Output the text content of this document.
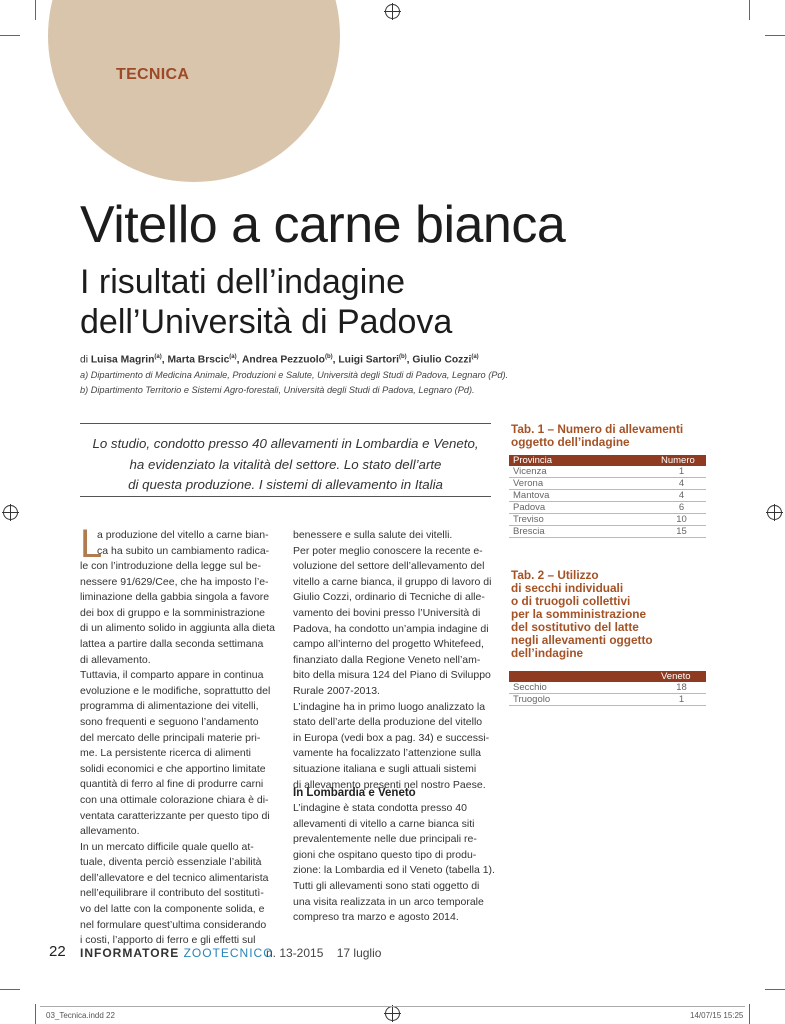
TECNICA
Vitello a carne bianca
I risultati dell’indagine
dell’Università di Padova
di Luisa Magrin$^{(a)}$, Marta Brscic$^{(a)}$, Andrea Pezzuolo$^{(b)}$, Luigi Sartori$^{(b)}$, Giulio Cozzi$^{(a)}$
a) Dipartimento di Medicina Animale, Produzioni e Salute, Università degli Studi di Padova, Legnaro (Pd).
b) Dipartimento Territorio e Sistemi Agro-forestali, Università degli Studi di Padova, Legnaro (Pd).
Lo studio, condotto presso 40 allevamenti in Lombardia e Veneto,
ha evidenziato la vitalità del settore. Lo stato dell’arte
di questa produzione. I sistemi di allevamento in Italia
L
a produzione del vitello a carne bian-
ca ha subito un cambiamento radica-
le con l’introduzione della legge sul be-
nessere 91/629/Cee, che ha imposto l’e-
liminazione della gabbia singola a favore
dei box di gruppo e la somministrazione
di un alimento solido in aggiunta alla dieta
lattea a partire dalla seconda settimana
di allevamento.
Tuttavia, il comparto appare in continua
evoluzione e le modifiche, soprattutto del
programma di alimentazione dei vitelli,
sono frequenti e seguono l’andamento
del mercato delle principali materie pri-
me. La persistente ricerca di alimenti
solidi economici e che apportino limitate
quantità di ferro al fine di produrre carni
con una ottimale colorazione chiara è di-
ventata caratterizzante per questo tipo di
allevamento.
In un mercato difficile quale quello at-
tuale, diventa perciò essenziale l’abilità
dell’allevatore e del tecnico alimentarista
nell’equilibrare il contributo del sostitutì-
vo del latte con la componente solida, e
nel formulare quest’ultima considerando
i costi, l’apporto di ferro e gli effetti sul
benessere e sulla salute dei vitelli.
Per poter meglio conoscere la recente e-
voluzione del settore dell’allevamento del
vitello a carne bianca, il gruppo di lavoro di
Giulio Cozzi, ordinario di Tecniche di alle-
vamento dei bovini presso l’Università di
Padova, ha condotto un’ampia indagine di
campo all’interno del progetto Whitefeed,
finanziato dalla Regione Veneto nell’am-
bito della misura 124 del Piano di Sviluppo
Rurale 2007-2013.
L’indagine ha in primo luogo analizzato la
stato dell’arte della produzione del vitello
in Europa (vedi box a pag. 34) e successi-
vamente ha focalizzato l’attenzione sulla
situazione italiana e sugli attuali sistemi
di allevamento presenti nel nostro Paese.
In Lombardia e Veneto
L’indagine è stata condotta presso 40
allevamenti di vitello a carne bianca siti
prevalentemente nelle due principali re-
gioni che ospitano questo tipo di produ-
zione: la Lombardia ed il Veneto (tabella 1).
Tutti gli allevamenti sono stati oggetto di
una visita realizzata in un arco temporale
compreso tra marzo e agosto 2014.
Tab. 1 – Numero di allevamenti
oggetto dell’indagine
Provincia	Numero
Vicenza	1
Verona	4
Mantova	4
Padova	6
Treviso	10
Brescia	15
Tab. 2 – Utilizzo
di secchi individuali
o di truogoli collettivi
per la somministrazione
del sostitutivo del latte
negli allevamenti oggetto
dell’indagine
	Veneto
Secchio	18
Truogolo	1
22 INFORMATORE ZOOTECNICO
n. 13-2015    17 luglio
03_Tecnica.indd 22	14/07/15 15:25
